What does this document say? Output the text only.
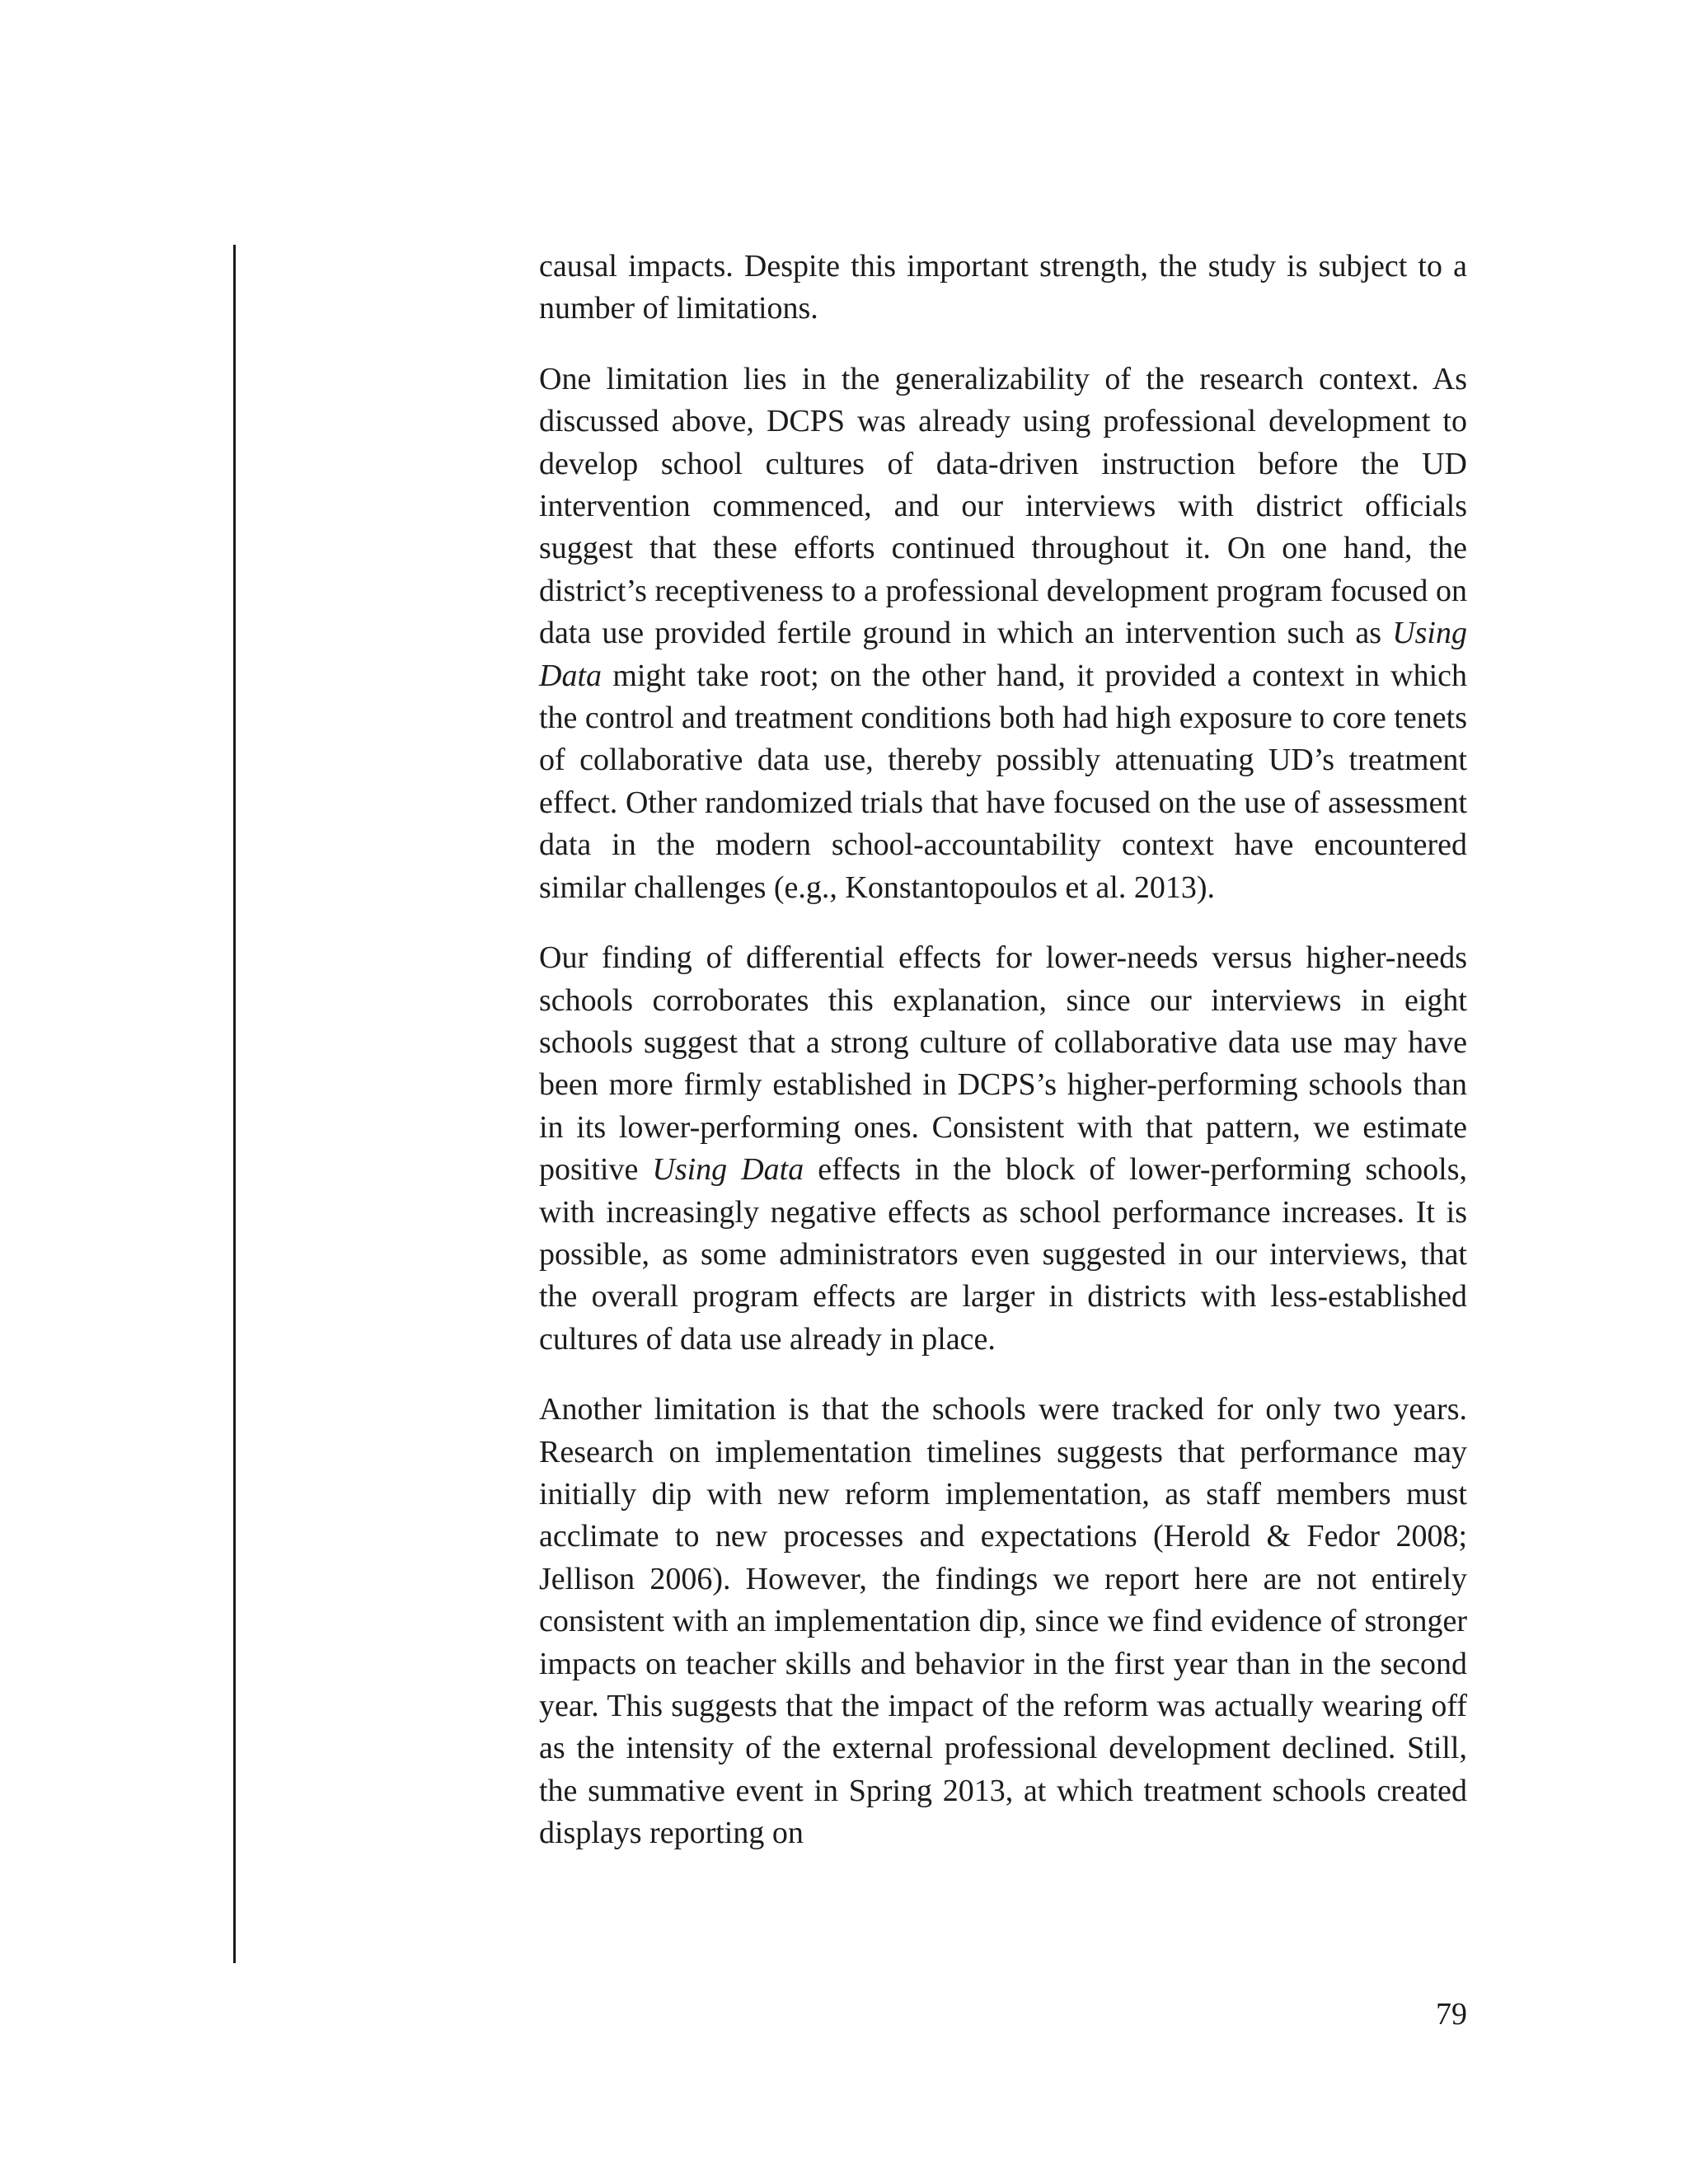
causal impacts. Despite this important strength, the study is subject to a number of limitations.

One limitation lies in the generalizability of the research context. As discussed above, DCPS was already using professional development to develop school cultures of data-driven instruction before the UD intervention commenced, and our interviews with district officials suggest that these efforts continued throughout it. On one hand, the district’s receptiveness to a professional development program focused on data use provided fertile ground in which an intervention such as Using Data might take root; on the other hand, it provided a context in which the control and treatment conditions both had high exposure to core tenets of collaborative data use, thereby possibly attenuating UD’s treatment effect. Other randomized trials that have focused on the use of assessment data in the modern school-accountability context have encountered similar challenges (e.g., Konstantopoulos et al. 2013).

Our finding of differential effects for lower-needs versus higher-needs schools corroborates this explanation, since our interviews in eight schools suggest that a strong culture of collaborative data use may have been more firmly established in DCPS’s higher-performing schools than in its lower-performing ones. Consistent with that pattern, we estimate positive Using Data effects in the block of lower-performing schools, with increasingly negative effects as school performance increases. It is possible, as some administrators even suggested in our interviews, that the overall program effects are larger in districts with less-established cultures of data use already in place.

Another limitation is that the schools were tracked for only two years. Research on implementation timelines suggests that performance may initially dip with new reform implementation, as staff members must acclimate to new processes and expectations (Herold & Fedor 2008; Jellison 2006). However, the findings we report here are not entirely consistent with an implementation dip, since we find evidence of stronger impacts on teacher skills and behavior in the first year than in the second year. This suggests that the impact of the reform was actually wearing off as the intensity of the external professional development declined. Still, the summative event in Spring 2013, at which treatment schools created displays reporting on

79
